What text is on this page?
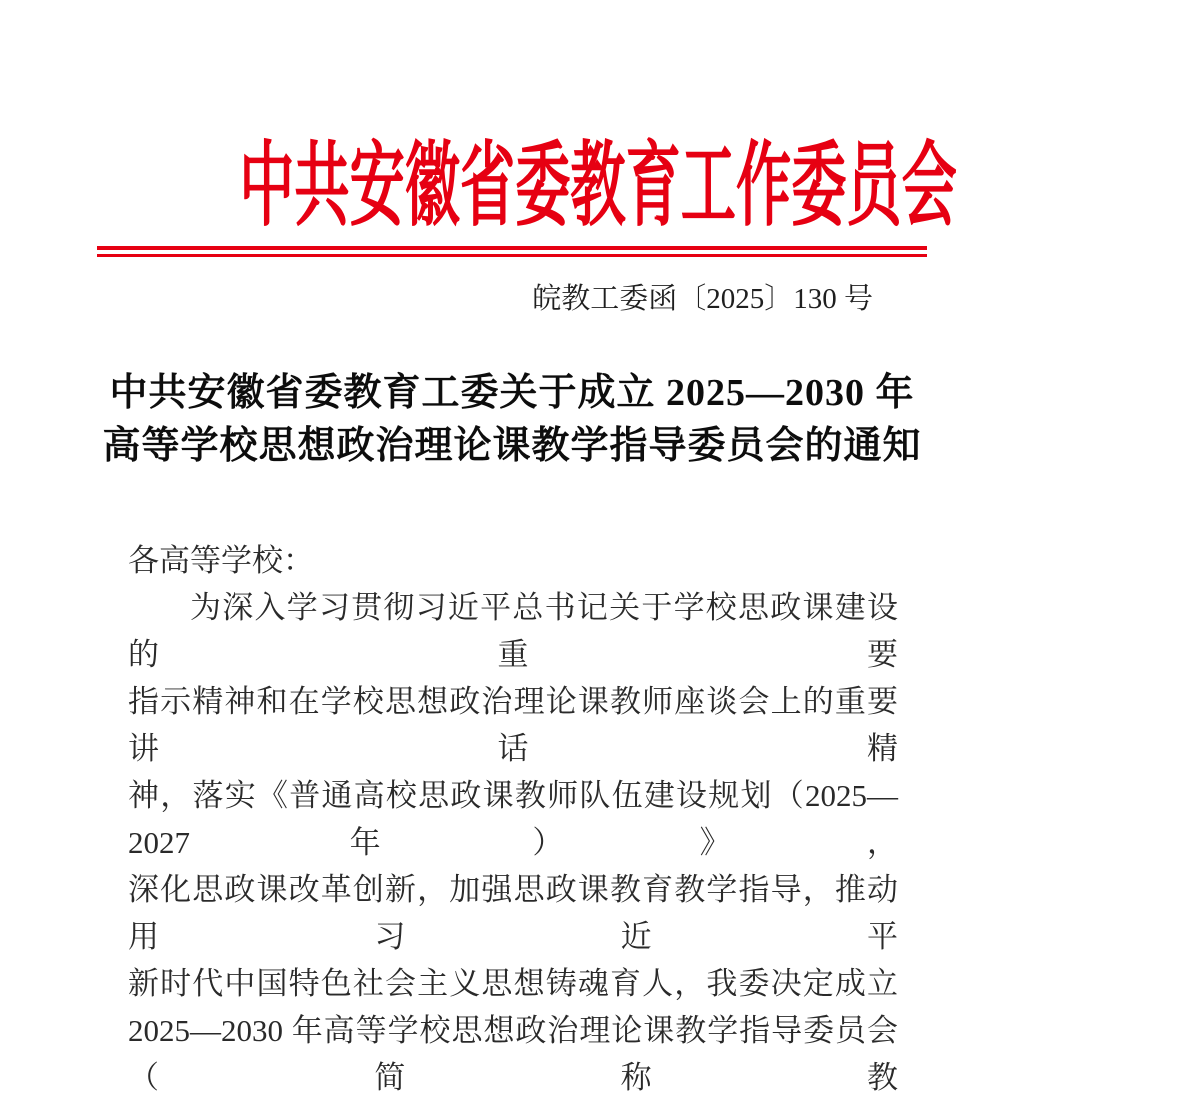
中共安徽省委教育工作委员会
皖教工委函〔2025〕130 号
中共安徽省委教育工委关于成立 2025—2030 年
高等学校思想政治理论课教学指导委员会的通知
各高等学校：
为深入学习贯彻习近平总书记关于学校思政课建设的重要
指示精神和在学校思想政治理论课教师座谈会上的重要讲话精
神，落实《普通高校思政课教师队伍建设规划（2025—2027 年）》，
深化思政课改革创新，加强思政课教育教学指导，推动用习近平
新时代中国特色社会主义思想铸魂育人，我委决定成立
2025—2030 年高等学校思想政治理论课教学指导委员会（简称教
